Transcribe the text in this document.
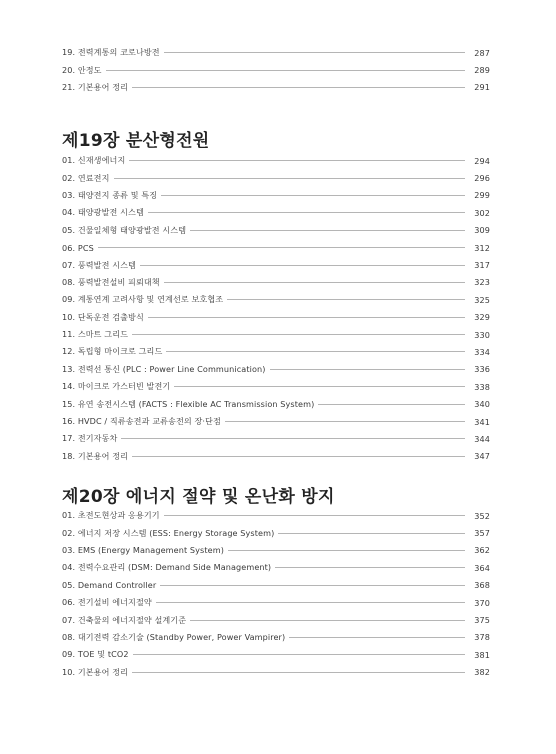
19. 전력계통의 코로나방전	287
20. 안정도	289
21. 기본용어 정리	291
제19장 분산형전원
01. 신재생에너지	294
02. 연료전지	296
03. 태양전지 종류 및 특징	299
04. 태양광발전 시스템	302
05. 건물일체형 태양광발전 시스템	309
06. PCS	312
07. 풍력발전 시스템	317
08. 풍력발전설비 피뢰대책	323
09. 계통연계 고려사항 및 연계선로 보호협조	325
10. 단독운전 검출방식	329
11. 스마트 그리드	330
12. 독립형 마이크로 그리드	334
13. 전력선 통신 (PLC : Power Line Communication)	336
14. 마이크로 가스터빈 발전기	338
15. 유연 송전시스템 (FACTS : Flexible AC Transmission System)	340
16. HVDC / 직류송전과 교류송전의 장·단점	341
17. 전기자동차	344
18. 기본용어 정리	347
제20장 에너지 절약 및 온난화 방지
01. 초전도현상과 응용기기	352
02. 에너지 저장 시스템 (ESS: Energy Storage System)	357
03. EMS (Energy Management System)	362
04. 전력수요관리 (DSM: Demand Side Management)	364
05. Demand Controller	368
06. 전기설비 에너지절약	370
07. 건축물의 에너지절약 설계기준	375
08. 대기전력 감소기술 (Standby Power, Power Vampirer)	378
09. TOE 및 tCO2	381
10. 기본용어 정리	382
